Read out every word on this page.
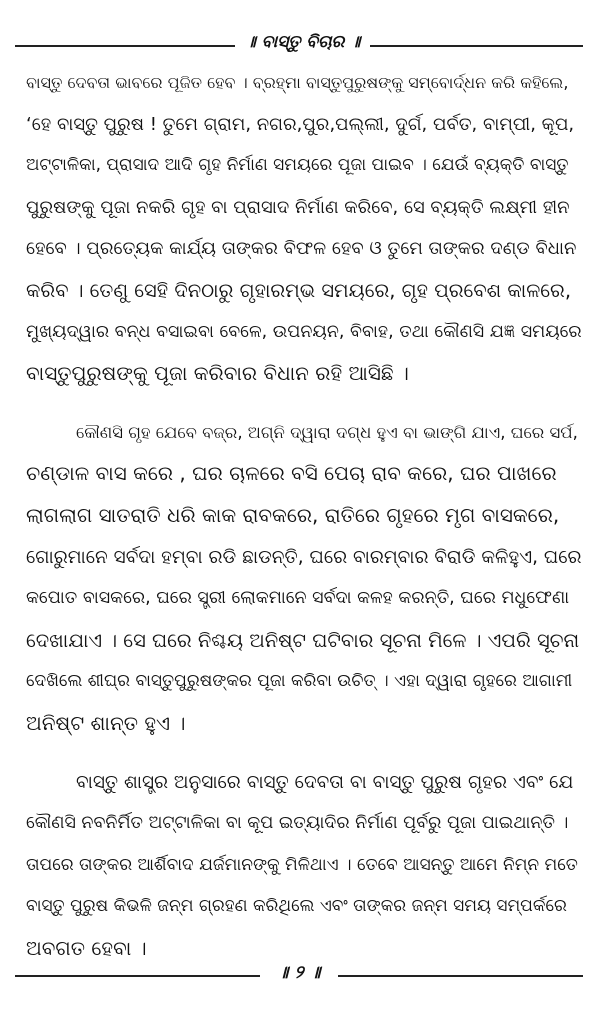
॥ ବାସ୍ତୁ ବିଚାର ॥
ବାସ୍ତୁ ଦେବତା ଭାବରେ ପୂଜିତ ହେବ । ବ୍ରହ୍ମା ବାସ୍ତୁପୁରୁଷଙ୍କୁ ସମ୍ବୋର୍ଦ୍ଧନ କରି କହିଲେ,
‘ହେ ବାସ୍ତୁ ପୁରୁଷ ! ତୁମେ ଗ୍ରାମ, ନଗର,ପୁର,ପଲ୍ଲୀ, ଦୁର୍ଗ, ପର୍ବତ, ବାମ୍ପୀ, କୂପ,
ଅଟ୍ଟାଳିକା, ପ୍ରାସାଦ ଆଦି ଗୃହ ନିର୍ମାଣ ସମୟରେ ପୂଜା ପାଇବ । ଯେଉଁ ବ୍ୟକ୍ତି ବାସ୍ତୁ
ପୁରୁଷଙ୍କୁ ପୂଜା ନକରି ଗୃହ ବା ପ୍ରାସାଦ ନିର୍ମାଣ କରିବେ, ସେ ବ୍ୟକ୍ତି ଲକ୍ଷ୍ମୀ ହୀନ
ହେବେ । ପ୍ରତ୍ୟେକ କାର୍ଯ୍ୟ ତାଙ୍କର ବିଫଳ ହେବ ଓ ତୁମେ ତାଙ୍କର ଦଣ୍ଡ ବିଧାନ
କରିବ । ତେଣୁ ସେହି ଦିନଠାରୁ ଗୃହାରମ୍ଭ ସମୟରେ, ଗୃହ ପ୍ରବେଶ କାଳରେ,
ମୁଖ୍ୟଦ୍ୱାର ବନ୍ଧ ବସାଇବା ବେଳେ, ଉପନୟନ, ବିବାହ, ତଥା କୌଣସି ଯଜ୍ଞ ସମୟରେ
ବାସ୍ତୁପୁରୁଷଙ୍କୁ ପୂଜା କରିବାର ବିଧାନ ରହି ଆସିଛି ।
କୌଣସି ଗୃହ ଯେବେ ବଜ୍ର, ଅଗ୍ନି ଦ୍ୱାରା ଦଗ୍ଧ ହୁଏ ବା ଭାଙ୍ଗି ଯାଏ, ଘରେ ସର୍ପ,
ଚଣ୍ଡାଳ ବାସ କରେ , ଘର ଚାଳରେ ବସି ପେଚା ରାବ କରେ, ଘର ପାଖରେ
ଲାଗଲାଗ ସାତରାତି ଧରି କାକ ରାବକରେ, ରାତିରେ ଗୃହରେ ମୃଗ ବାସକରେ,
ଗୋରୁମାନେ ସର୍ବଦା ହମ୍ବା ରଡି ଛାଡନ୍ତି, ଘରେ ବାରମ୍ବାର ବିରାଡି କଳିହୁଏ, ଘରେ
କପୋତ ବାସକରେ, ଘରେ ସ୍ତ୍ରୀ ଲୋକମାନେ ସର୍ବଦା କଳହ କରନ୍ତି, ଘରେ ମଧୁଫେଣା
ଦେଖାଯାଏ । ସେ ଘରେ ନିଶ୍ଚୟ ଅନିଷ୍ଟ ଘଟିବାର ସୂଚନା ମିଳେ । ଏପରି ସୂଚନା
ଦେଖିଲେ ଶୀଘ୍ର ବାସ୍ତୁପୁରୁଷଙ୍କର ପୂଜା କରିବା ଉଚିତ୍ । ଏହା ଦ୍ୱାରା ଗୃହରେ ଆଗାମୀ
ଅନିଷ୍ଟ ଶାନ୍ତ ହୁଏ ।
ବାସ୍ତୁ ଶାସ୍ତ୍ର ଅନୁସାରେ ବାସ୍ତୁ ଦେବତା ବା ବାସ୍ତୁ ପୁରୁଷ ଗୃହର ଏବଂ ଯେ
କୌଣସି ନବନିର୍ମିତ ଅଟ୍ଟାଳିକା ବା କୂପ ଇତ୍ୟାଦିର ନିର୍ମାଣ ପୂର୍ବରୁ ପୂଜା ପାଇଥାନ୍ତି ।
ତାପରେ ତାଙ୍କର ଆର୍ଶିବାଦ ଯର୍ଜମାନଙ୍କୁ ମିଳିଥାଏ । ତେବେ ଆସନ୍ତୁ ଆମେ ନିମ୍ନ ମତେ
ବାସ୍ତୁ ପୁରୁଷ କିଭଳି ଜନ୍ମ ଗ୍ରହଣ କରିଥିଲେ ଏବଂ ତାଙ୍କର ଜନ୍ମ ସମୟ ସମ୍ପର୍କରେ
ଅବଗତ ହେବା ।
॥ ୨ ॥
